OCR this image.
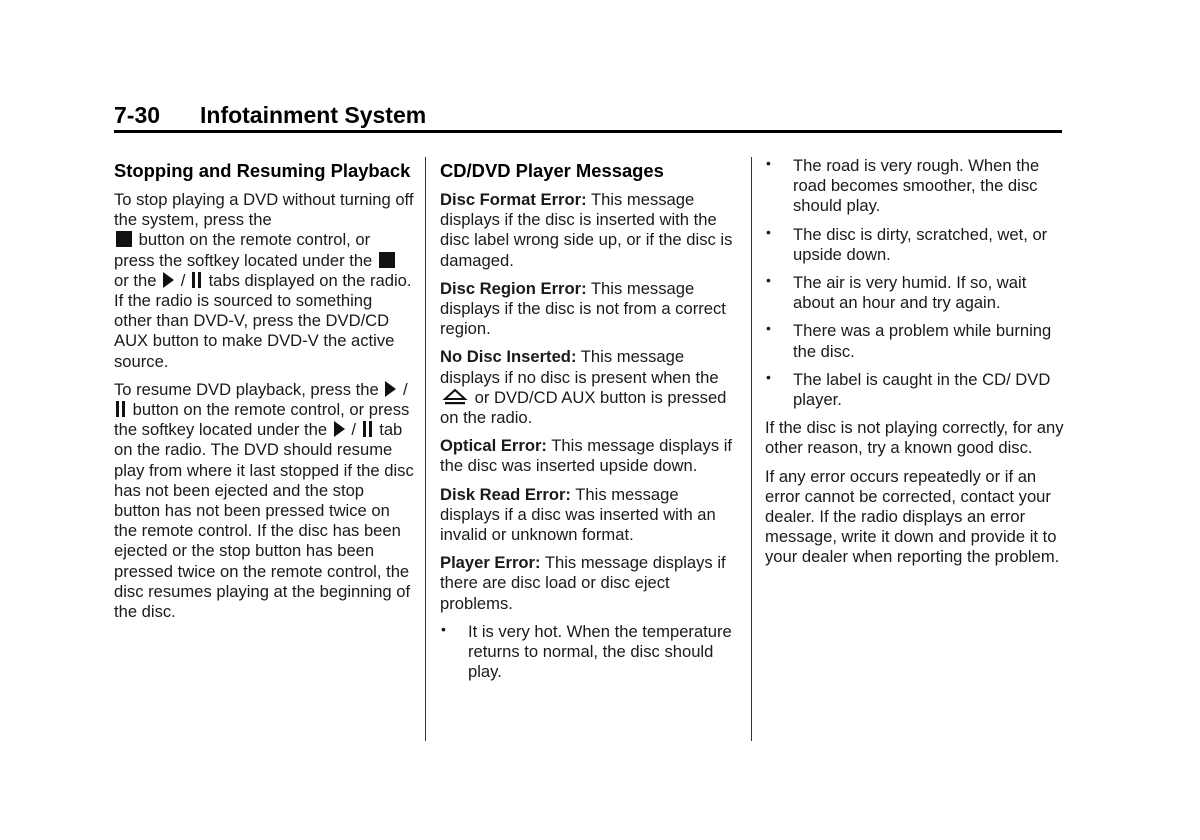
7-30 Infotainment System
Stopping and Resuming Playback

To stop playing a DVD without turning off the system, press the
button on the remote control, or press the softkey located under the  or the / tabs displayed on the radio. If the radio is sourced to something other than DVD-V, press the DVD/CD AUX button to make DVD-V the active source.

To resume DVD playback, press the /  button on the remote control, or press the softkey located under the / tab on the radio. The DVD should resume play from where it last stopped if the disc has not been ejected and the stop button has not been pressed twice on the remote control. If the disc has been ejected or the stop button has been pressed twice on the remote control, the disc resumes playing at the beginning of the disc.

CD/DVD Player Messages

Disc Format Error: This message displays if the disc is inserted with the disc label wrong side up, or if the disc is damaged.

Disc Region Error: This message displays if the disc is not from a correct region.

No Disc Inserted: This message displays if no disc is present when the  or DVD/CD AUX button is pressed on the radio.

Optical Error: This message displays if the disc was inserted upside down.

Disk Read Error: This message displays if a disc was inserted with an invalid or unknown format.

Player Error: This message displays if there are disc load or disc eject problems.

• It is very hot. When the temperature returns to normal, the disc should play.
• The road is very rough. When the road becomes smoother, the disc should play.
• The disc is dirty, scratched, wet, or upside down.
• The air is very humid. If so, wait about an hour and try again.
• There was a problem while burning the disc.
• The label is caught in the CD/ DVD player.

If the disc is not playing correctly, for any other reason, try a known good disc.

If any error occurs repeatedly or if an error cannot be corrected, contact your dealer. If the radio displays an error message, write it down and provide it to your dealer when reporting the problem.
